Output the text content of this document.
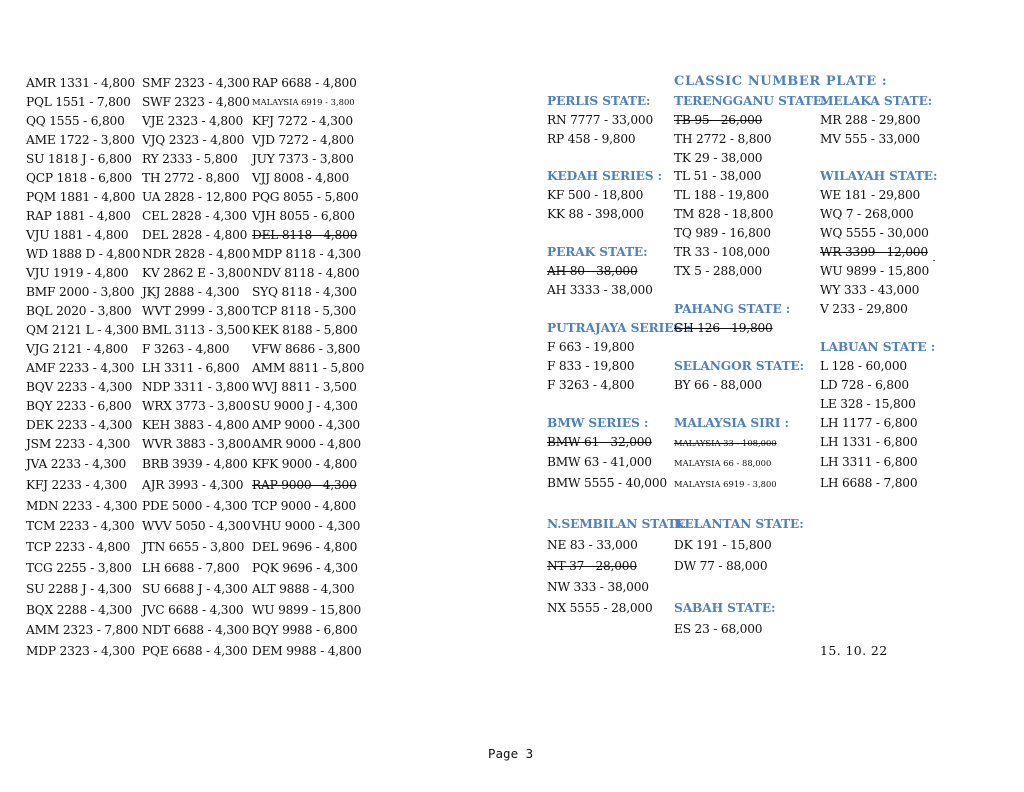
AMR 1331 - 4,800
PQL 1551 - 7,800
QQ 1555 - 6,800
AME 1722 - 3,800
SU 1818 J - 6,800
QCP 1818 - 6,800
PQM 1881 - 4,800
RAP 1881 - 4,800
VJU 1881 - 4,800
WD 1888 D - 4,800
VJU 1919 - 4,800
BMF 2000 - 3,800
BQL 2020 - 3,800
QM 2121 L - 4,300
VJG 2121 - 4,800
AMF 2233 - 4,300
BQV 2233 - 4,300
BQY 2233 - 6,800
DEK 2233 - 4,300
JSM 2233 - 4,300
JVA 2233 - 4,300
KFJ 2233 - 4,300
MDN 2233 - 4,300
TCM 2233 - 4,300
TCP 2233 - 4,800
TCG 2255 - 3,800
SU 2288 J - 4,300
BQX 2288 - 4,300
AMM 2323 - 7,800
MDP 2323 - 4,300
SMF 2323 - 4,300
SWF 2323 - 4,800
VJE 2323 - 4,800
VJQ 2323 - 4,800
RY 2333 - 5,800
TH 2772 - 8,800
UA 2828 - 12,800
CEL 2828 - 4,300
DEL 2828 - 4,800
NDR 2828 - 4,800
KV 2862 E - 3,800
JKJ 2888 - 4,300
WVT 2999 - 3,800
BML 3113 - 3,500
F 3263 - 4,800
LH 3311 - 6,800
NDP 3311 - 3,800
WRX 3773 - 3,800
KEH 3883 - 4,800
WVR 3883 - 3,800
BRB 3939 - 4,800
AJR 3993 - 4,300
PDE 5000 - 4,300
WVV 5050 - 4,300
JTN 6655 - 3,800
LH 6688 - 7,800
SU 6688 J - 4,300
JVC 6688 - 4,300
NDT 6688 - 4,300
PQE 6688 - 4,300
RAP 6688 - 4,800
MALAYSIA 6919 - 3,800
KFJ 7272 - 4,300
VJD 7272 - 4,800
JUY 7373 - 3,800
VJJ 8008 - 4,800
PQG 8055 - 5,800
VJH 8055 - 6,800
DEL 8118 - 4,800
MDP 8118 - 4,300
NDV 8118 - 4,800
SYQ 8118 - 4,300
TCP 8118 - 5,300
KEK 8188 - 5,800
VFW 8686 - 3,800
AMM 8811 - 5,800
WVJ 8811 - 3,500
SU 9000 J - 4,300
AMP 9000 - 4,300
AMR 9000 - 4,800
KFK 9000 - 4,800
RAP 9000 - 4,300
TCP 9000 - 4,800
VHU 9000 - 4,300
DEL 9696 - 4,800
PQK 9696 - 4,300
ALT 9888 - 4,300
WU 9899 - 15,800
BQY 9988 - 6,800
DEM 9988 - 4,800
CLASSIC NUMBER PLATE :
PERLIS STATE:
RN 7777 - 33,000
RP 458 - 9,800
KEDAH SERIES :
KF 500 - 18,800
KK 88 - 398,000
PERAK STATE:
AH 80 - 38,000
AH 3333 - 38,000
PUTRAJAYA SERIES :
F 663 - 19,800
F 833 - 19,800
F 3263 - 4,800
BMW SERIES :
BMW 61 - 32,000
BMW 63 - 41,000
BMW 5555 - 40,000
N.SEMBILAN STATE:
NE 83 - 33,000
NT 37 - 28,000
NW 333 - 38,000
NX 5555 - 28,000
TERENGGANU STATE:
TB 95 - 26,000
TH 2772 - 8,800
TK 29 - 38,000
TL 51 - 38,000
TL 188 - 19,800
TM 828 - 18,800
TQ 989 - 16,800
TR 33 - 108,000
TX 5 - 288,000
PAHANG STATE :
CH 126 - 19,800
SELANGOR STATE:
BY 66 - 88,000
MALAYSIA SIRI :
MALAYSIA 33 - 108,000
MALAYSIA 66 - 88,000
MALAYSIA 6919 - 3,800
KELANTAN STATE:
DK 191 - 15,800
DW 77 - 88,000
SABAH STATE:
ES 23 - 68,000
MELAKA STATE:
MR 288 - 29,800
MV 555 - 33,000
WILAYAH STATE:
WE 181 - 29,800
WQ 7 - 268,000
WQ 5555 - 30,000
WR 3399 - 12,000
WU 9899 - 15,800
WY 333 - 43,000
V 233 - 29,800
LABUAN STATE :
L 128 - 60,000
LD 728 - 6,800
LE 328 - 15,800
LH 1177 - 6,800
LH 1331 - 6,800
LH 3311 - 6,800
LH 6688 - 7,800
15. 10. 22
Page 3
